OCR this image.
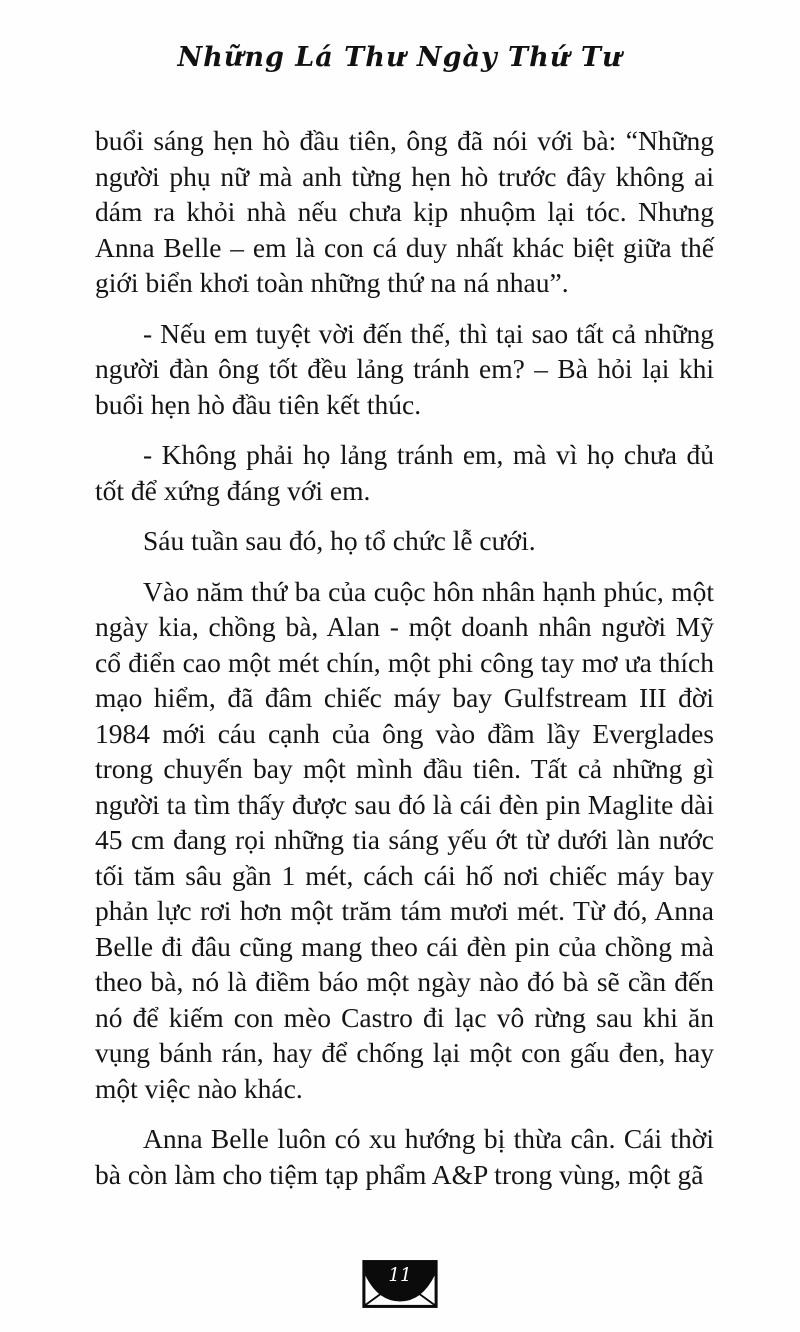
Những Lá Thư Ngày Thứ Tư

buổi sáng hẹn hò đầu tiên, ông đã nói với bà: “Những người phụ nữ mà anh từng hẹn hò trước đây không ai dám ra khỏi nhà nếu chưa kịp nhuộm lại tóc. Nhưng Anna Belle – em là con cá duy nhất khác biệt giữa thế giới biển khơi toàn những thứ na ná nhau”.

- Nếu em tuyệt vời đến thế, thì tại sao tất cả những người đàn ông tốt đều lảng tránh em? – Bà hỏi lại khi buổi hẹn hò đầu tiên kết thúc.

- Không phải họ lảng tránh em, mà vì họ chưa đủ tốt để xứng đáng với em.

Sáu tuần sau đó, họ tổ chức lễ cưới.

Vào năm thứ ba của cuộc hôn nhân hạnh phúc, một ngày kia, chồng bà, Alan - một doanh nhân người Mỹ cổ điển cao một mét chín, một phi công tay mơ ưa thích mạo hiểm, đã đâm chiếc máy bay Gulfstream III đời 1984 mới cáu cạnh của ông vào đầm lầy Everglades trong chuyến bay một mình đầu tiên. Tất cả những gì người ta tìm thấy được sau đó là cái đèn pin Maglite dài 45 cm đang rọi những tia sáng yếu ớt từ dưới làn nước tối tăm sâu gần 1 mét, cách cái hố nơi chiếc máy bay phản lực rơi hơn một trăm tám mươi mét. Từ đó, Anna Belle đi đâu cũng mang theo cái đèn pin của chồng mà theo bà, nó là điềm báo một ngày nào đó bà sẽ cần đến nó để kiếm con mèo Castro đi lạc vô rừng sau khi ăn vụng bánh rán, hay để chống lại một con gấu đen, hay một việc nào khác.

Anna Belle luôn có xu hướng bị thừa cân. Cái thời bà còn làm cho tiệm tạp phẩm A&P trong vùng, một gã

11
